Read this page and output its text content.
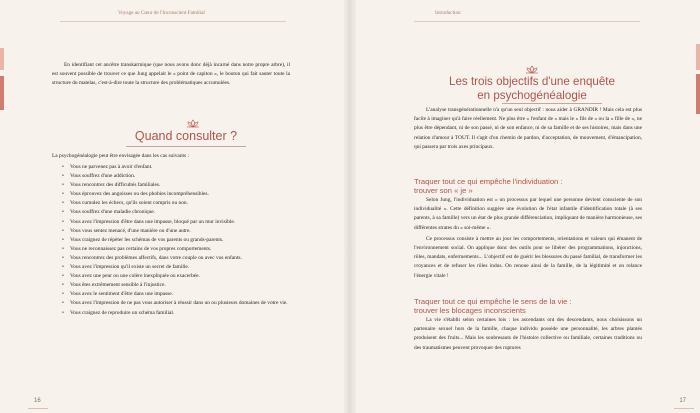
Voyage au Cœur de l'Inconscient Familial

En identifiant cet ancêtre transkarmique (que nous avons donc déjà incarné dans notre propre arbre), il est souvent possible de trouver ce que Jung appelait le « point de capiton », le bouton qui fait sauter toute la structure du matelas, c'est-à-dire toute la structure des problématiques accumulées.

Quand consulter ?

La psychogénéalogie peut être envisagée dans les cas suivants :

• Vous ne parvenez pas à avoir d'enfant.
• Vous souffrez d'une addiction.
• Vous rencontrez des difficultés familiales.
• Vous éprouvez des angoisses ou des phobies incompréhensibles.
• Vous cumulez les échecs, qu'ils soient compris ou non.
• Vous souffrez d'une maladie chronique.
• Vous avez l'impression d'être dans une impasse, bloqué par un mur invisible.
• Vous vous sentez menacé, d'une manière ou d'une autre.
• Vous craignez de répéter les schémas de vos parents ou grands-parents.
• Vous ne reconnaissez pas certains de vos propres comportements.
• Vous rencontrez des problèmes affectifs, dans votre couple ou avec vos enfants.
• Vous avez l'impression qu'il existe un secret de famille.
• Vous avez une peur ou une colère inexpliquée ou exacerbée.
• Vous êtes extrêmement sensible à l'injustice.
• Vous avez le sentiment d'être dans une impasse.
• Vous avez l'impression de ne pas vous autoriser à réussir dans un ou plusieurs domaines de votre vie.
• Vous craignez de reproduire un schéma familial.
16
Introduction
Les trois objectifs d'une enquête
en psychogénéalogie

L'analyse transgénérationnelle n'a qu'un seul objectif : nous aider à GRANDIR ! Mais cela est plus facile à imaginer qu'à faire réellement. Ne plus être « l'enfant de » mais le « fils de » ou la « fille de », ne plus être dépendant, ni de son passé, ni de son enfance, ni de sa famille et de ses histoires, mais dans une relation d'amour à TOUT. Il s'agit d'un chemin de pardon, d'acceptation, de mouvement, d'émancipation, qui passera par trois axes principaux.

Traquer tout ce qui empêche l'individuation :
trouver son « je »

Selon Jung, l'individuation est « un processus par lequel une personne devient consciente de son individualité ». Cette définition suggère une évolution de l'état infantile d'identification totale (à ses parents, à sa famille) vers un état de plus grande différenciation, impliquant de manière harmonieuse, ses différentes strates du « soi-même ».

Ce processus consiste à mettre au jour les comportements, orientations et valeurs qui émanent de l'environnement social. On applique donc des outils pour se libérer des programmations, injonctions, rôles, mandats, enfermements... L'objectif est de guérir les blessures du passé familial, de transformer les croyances et de refuser les rôles indus. On renoue ainsi de la famille, de la légitimité et on relance l'énergie vitale !

Traquer tout ce qui empêche le sens de la vie :
trouver les blocages inconscients

La vie s'établit selon certaines lois : les ascendants ont des descendants, nous choisissons un partenaire sexuel hors de la famille, chaque individu possède une personnalité, les arbres plantés produisent des fruits... Mais les soubresauts de l'histoire collective ou familiale, certaines traditions ou des traumatismes peuvent provoquer des ruptures

17
